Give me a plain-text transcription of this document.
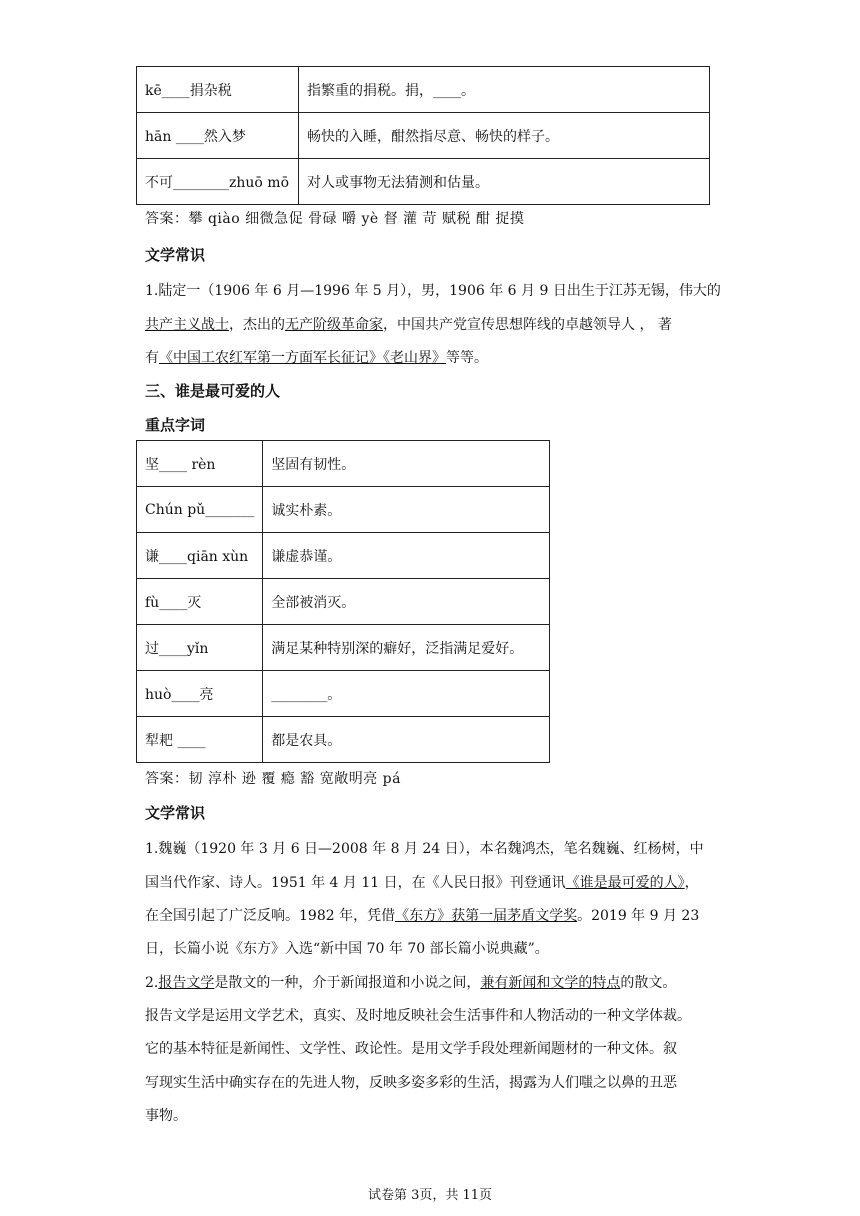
kē____捐杂税	指繁重的捐税。捐，____。
hān ____然入梦	畅快的入睡，酣然指尽意、畅快的样子。
不可________zhuō mō	对人或事物无法猜测和估量。
答案：攀 qiào 细微急促 骨碌 嚼 yè 督 灌 苛 赋税 酣 捉摸
文学常识
1.陆定一（1906 年 6 月—1996 年 5 月），男，1906 年 6 月 9 日出生于江苏无锡，伟大的
共产主义战士，杰出的无产阶级革命家，中国共产党宣传思想阵线的卓越领导人 ， 著
有《中国工农红军第一方面军长征记》《老山界》等等。
三、谁是最可爱的人
重点字词
坚____ rèn	坚固有韧性。
Chún pǔ_______	诚实朴素。
谦____qiān xùn	谦虚恭谨。
fù____灭	全部被消灭。
过____yǐn	满足某种特别深的癖好，泛指满足爱好。
huò____亮	________。
犁耙 ____	都是农具。
答案：韧 淳朴 逊 覆 瘾 豁 宽敞明亮 pá
文学常识
1.魏巍（1920 年 3 月 6 日—2008 年 8 月 24 日），本名魏鸿杰，笔名魏巍、红杨树，中
国当代作家、诗人。1951 年 4 月 11 日，在《人民日报》刊登通讯《谁是最可爱的人》，
在全国引起了广泛反响。1982 年，凭借《东方》获第一届茅盾文学奖。2019 年 9 月 23
日，长篇小说《东方》入选“新中国 70 年 70 部长篇小说典藏”。
2.报告文学是散文的一种，介于新闻报道和小说之间，兼有新闻和文学的特点的散文。
报告文学是运用文学艺术，真实、及时地反映社会生活事件和人物活动的一种文学体裁。
它的基本特征是新闻性、文学性、政论性。是用文学手段处理新闻题材的一种文体。叙
写现实生活中确实存在的先进人物，反映多姿多彩的生活，揭露为人们嗤之以鼻的丑恶
事物。
试卷第 3页，共 11页
